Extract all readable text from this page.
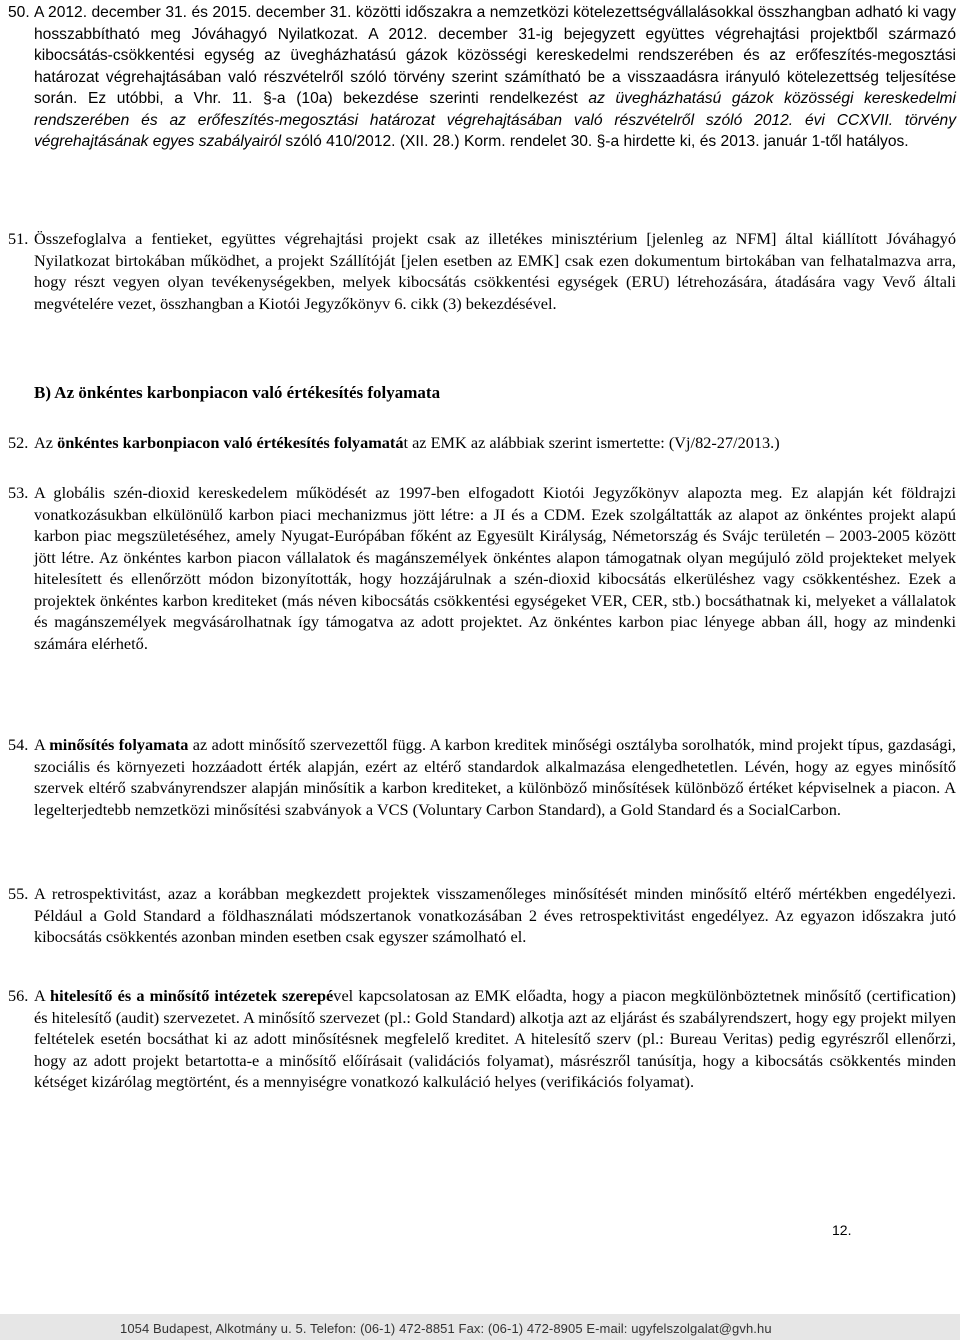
50. A 2012. december 31. és 2015. december 31. közötti időszakra a nemzetközi kötelezettségvállalásokkal összhangban adható ki vagy hosszabbítható meg Jóváhagyó Nyilatkozat. A 2012. december 31-ig bejegyzett együttes végrehajtási projektből származó kibocsátás-csökkentési egység az üvegházhatású gázok közösségi kereskedelmi rendszerében és az erőfeszítés-megosztási határozat végrehajtásában való részvételről szóló törvény szerint számítható be a visszaadásra irányuló kötelezettség teljesítése során. Ez utóbbi, a Vhr. 11. §-a (10a) bekezdése szerinti rendelkezést az üvegházhatású gázok közösségi kereskedelmi rendszerében és az erőfeszítés-megosztási határozat végrehajtásában való részvételről szóló 2012. évi CCXVII. törvény végrehajtásának egyes szabályairól szóló 410/2012. (XII. 28.) Korm. rendelet 30. §-a hirdette ki, és 2013. január 1-től hatályos.
51. Összefoglalva a fentieket, együttes végrehajtási projekt csak az illetékes minisztérium [jelenleg az NFM] által kiállított Jóváhagyó Nyilatkozat birtokában működhet, a projekt Szállítóját [jelen esetben az EMK] csak ezen dokumentum birtokában van felhatalmazva arra, hogy részt vegyen olyan tevékenységekben, melyek kibocsátás csökkentési egységek (ERU) létrehozására, átadására vagy Vevő általi megvételére vezet, összhangban a Kiotói Jegyzőkönyv 6. cikk (3) bekezdésével.
B) Az önkéntes karbonpiacon való értékesítés folyamata
52. Az önkéntes karbonpiacon való értékesítés folyamatát az EMK az alábbiak szerint ismertette: (Vj/82-27/2013.)
53. A globális szén-dioxid kereskedelem működését az 1997-ben elfogadott Kiotói Jegyzőkönyv alapozta meg. Ez alapján két földrajzi vonatkozásukban elkülönülő karbon piaci mechanizmus jött létre: a JI és a CDM. Ezek szolgáltatták az alapot az önkéntes projekt alapú karbon piac megszületéséhez, amely Nyugat-Európában főként az Egyesült Királyság, Németország és Svájc területén – 2003-2005 között jött létre. Az önkéntes karbon piacon vállalatok és magánszemélyek önkéntes alapon támogatnak olyan megújuló zöld projekteket melyek hitelesített és ellenőrzött módon bizonyították, hogy hozzájárulnak a szén-dioxid kibocsátás elkerüléshez vagy csökkentéshez. Ezek a projektek önkéntes karbon krediteket (más néven kibocsátás csökkentési egységeket VER, CER, stb.) bocsáthatnak ki, melyeket a vállalatok és magánszemélyek megvásárolhatnak így támogatva az adott projektet. Az önkéntes karbon piac lényege abban áll, hogy az mindenki számára elérhető.
54. A minősítés folyamata az adott minősítő szervezettől függ. A karbon kreditek minőségi osztályba sorolhatók, mind projekt típus, gazdasági, szociális és környezeti hozzáadott érték alapján, ezért az eltérő standardok alkalmazása elengedhetetlen. Lévén, hogy az egyes minősítő szervek eltérő szabványrendszer alapján minősítik a karbon krediteket, a különböző minősítések különböző értéket képviselnek a piacon. A legelterjedtebb nemzetközi minősítési szabványok a VCS (Voluntary Carbon Standard), a Gold Standard és a SocialCarbon.
55. A retrospektivitást, azaz a korábban megkezdett projektek visszamenőleges minősítését minden minősítő eltérő mértékben engedélyezi. Például a Gold Standard a földhasználati módszertanok vonatkozásában 2 éves retrospektivitást engedélyez. Az egyazon időszakra jutó kibocsátás csökkentés azonban minden esetben csak egyszer számolható el.
56. A hitelesítő és a minősítő intézetek szerepével kapcsolatosan az EMK előadta, hogy a piacon megkülönböztetnek minősítő (certification) és hitelesítő (audit) szervezetet. A minősítő szervezet (pl.: Gold Standard) alkotja azt az eljárást és szabályrendszert, hogy egy projekt milyen feltételek esetén bocsáthat ki az adott minősítésnek megfelelő kreditet. A hitelesítő szerv (pl.: Bureau Veritas) pedig egyrészről ellenőrzi, hogy az adott projekt betartotta-e a minősítő előírásait (validációs folyamat), másrészről tanúsítja, hogy a kibocsátás csökkentés minden kétséget kizárólag megtörtént, és a mennyiségre vonatkozó kalkuláció helyes (verifikációs folyamat).
12.
1054 Budapest, Alkotmány u. 5. Telefon: (06-1) 472-8851 Fax: (06-1) 472-8905 E-mail: ugyfelszolgalat@gvh.hu
